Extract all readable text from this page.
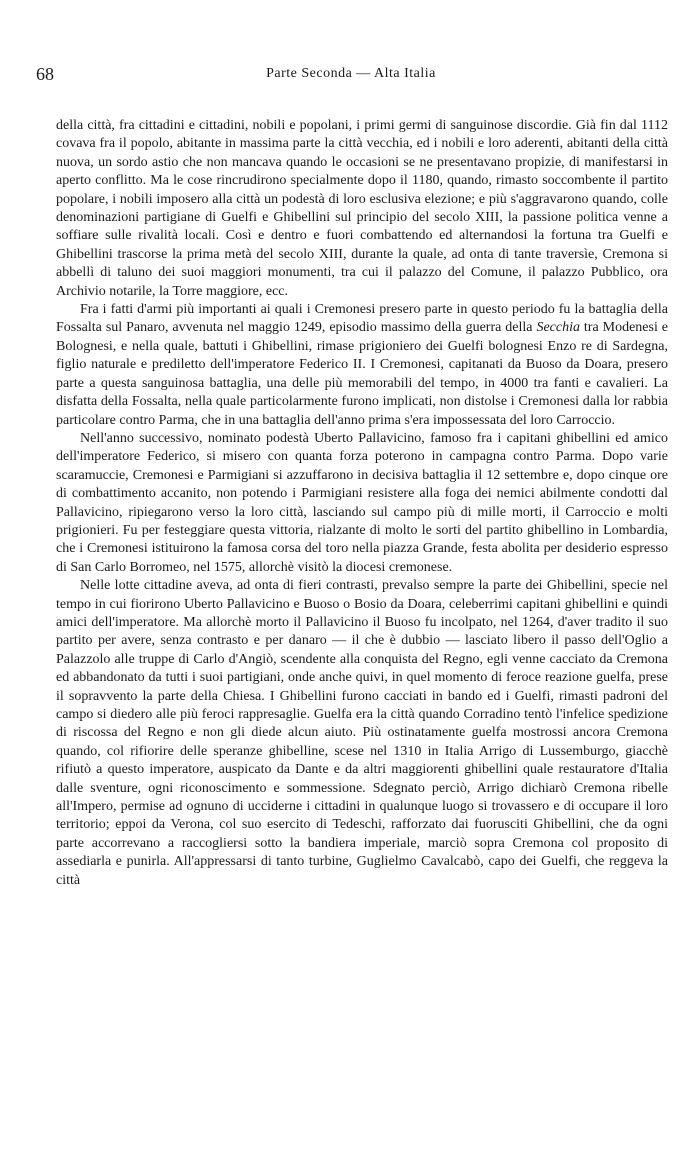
68	Parte Seconda — Alta Italia

della città, fra cittadini e cittadini, nobili e popolani, i primi germi di sanguinose discordie. Già fin dal 1112 covava fra il popolo, abitante in massima parte la città vecchia, ed i nobili e loro aderenti, abitanti della città nuova, un sordo astio che non mancava quando le occasioni se ne presentavano propizie, di manifestarsi in aperto conflitto. Ma le cose rincrudirono specialmente dopo il 1180, quando, rimasto soccombente il partito popolare, i nobili imposero alla città un podestà di loro esclusiva elezione; e più s'aggravarono quando, colle denominazioni partigiane di Guelfi e Ghibellini sul principio del secolo XIII, la passione politica venne a soffiare sulle rivalità locali. Così e dentro e fuori combattendo ed alternandosi la fortuna tra Guelfi e Ghibellini trascorse la prima metà del secolo XIII, durante la quale, ad onta di tante traversìe, Cremona si abbellì di taluno dei suoi maggiori monumenti, tra cui il palazzo del Comune, il palazzo Pubblico, ora Archivio notarile, la Torre maggiore, ecc.

Fra i fatti d'armi più importanti ai quali i Cremonesi presero parte in questo periodo fu la battaglia della Fossalta sul Panaro, avvenuta nel maggio 1249, episodio massimo della guerra della Secchia tra Modenesi e Bolognesi, e nella quale, battuti i Ghibellini, rimase prigioniero dei Guelfi bolognesi Enzo re di Sardegna, figlio naturale e prediletto dell'imperatore Federico II. I Cremonesi, capitanati da Buoso da Doara, presero parte a questa sanguinosa battaglia, una delle più memorabili del tempo, in 4000 tra fanti e cavalieri. La disfatta della Fossalta, nella quale particolarmente furono implicati, non distolse i Cremonesi dalla lor rabbia particolare contro Parma, che in una battaglia dell'anno prima s'era impossessata del loro Carroccio.

Nell'anno successivo, nominato podestà Uberto Pallavicino, famoso fra i capitani ghibellini ed amico dell'imperatore Federico, si misero con quanta forza poterono in campagna contro Parma. Dopo varie scaramuccie, Cremonesi e Parmigiani si azzuffarono in decisiva battaglia il 12 settembre e, dopo cinque ore di combattimento accanito, non potendo i Parmigiani resistere alla foga dei nemici abilmente condotti dal Pallavicino, ripiegarono verso la loro città, lasciando sul campo più di mille morti, il Carroccio e molti prigionieri. Fu per festeggiare questa vittoria, rialzante di molto le sorti del partito ghibellino in Lombardia, che i Cremonesi istituirono la famosa corsa del toro nella piazza Grande, festa abolita per desiderio espresso di San Carlo Borromeo, nel 1575, allorchè visitò la diocesi cremonese.

Nelle lotte cittadine aveva, ad onta di fieri contrasti, prevalso sempre la parte dei Ghibellini, specie nel tempo in cui fiorirono Uberto Pallavicino e Buoso o Bosio da Doara, celeberrimi capitani ghibellini e quindi amici dell'imperatore. Ma allorchè morto il Pallavicino il Buoso fu incolpato, nel 1264, d'aver tradito il suo partito per avere, senza contrasto e per danaro — il che è dubbio — lasciato libero il passo dell'Oglio a Palazzolo alle truppe di Carlo d'Angiò, scendente alla conquista del Regno, egli venne cacciato da Cremona ed abbandonato da tutti i suoi partigiani, onde anche quivi, in quel momento di feroce reazione guelfa, prese il sopravvento la parte della Chiesa. I Ghibellini furono cacciati in bando ed i Guelfi, rimasti padroni del campo si diedero alle più feroci rappresaglie. Guelfa era la città quando Corradino tentò l'infelice spedizione di riscossa del Regno e non gli diede alcun aiuto. Più ostinatamente guelfa mostrossi ancora Cremona quando, col rifiorire delle speranze ghibelline, scese nel 1310 in Italia Arrigo di Lussemburgo, giacchè rifiutò a questo imperatore, auspicato da Dante e da altri maggiorenti ghibellini quale restauratore d'Italia dalle sventure, ogni riconoscimento e sommessione. Sdegnato perciò, Arrigo dichiarò Cremona ribelle all'Impero, permise ad ognuno di ucciderne i cittadini in qualunque luogo si trovassero e di occupare il loro territorio; eppoi da Verona, col suo esercito di Tedeschi, rafforzato dai fuorusciti Ghibellini, che da ogni parte accorrevano a raccogliersi sotto la bandiera imperiale, marciò sopra Cremona col proposito di assediarla e punirla. All'appressarsi di tanto turbine, Guglielmo Cavalcabò, capo dei Guelfi, che reggeva la città
